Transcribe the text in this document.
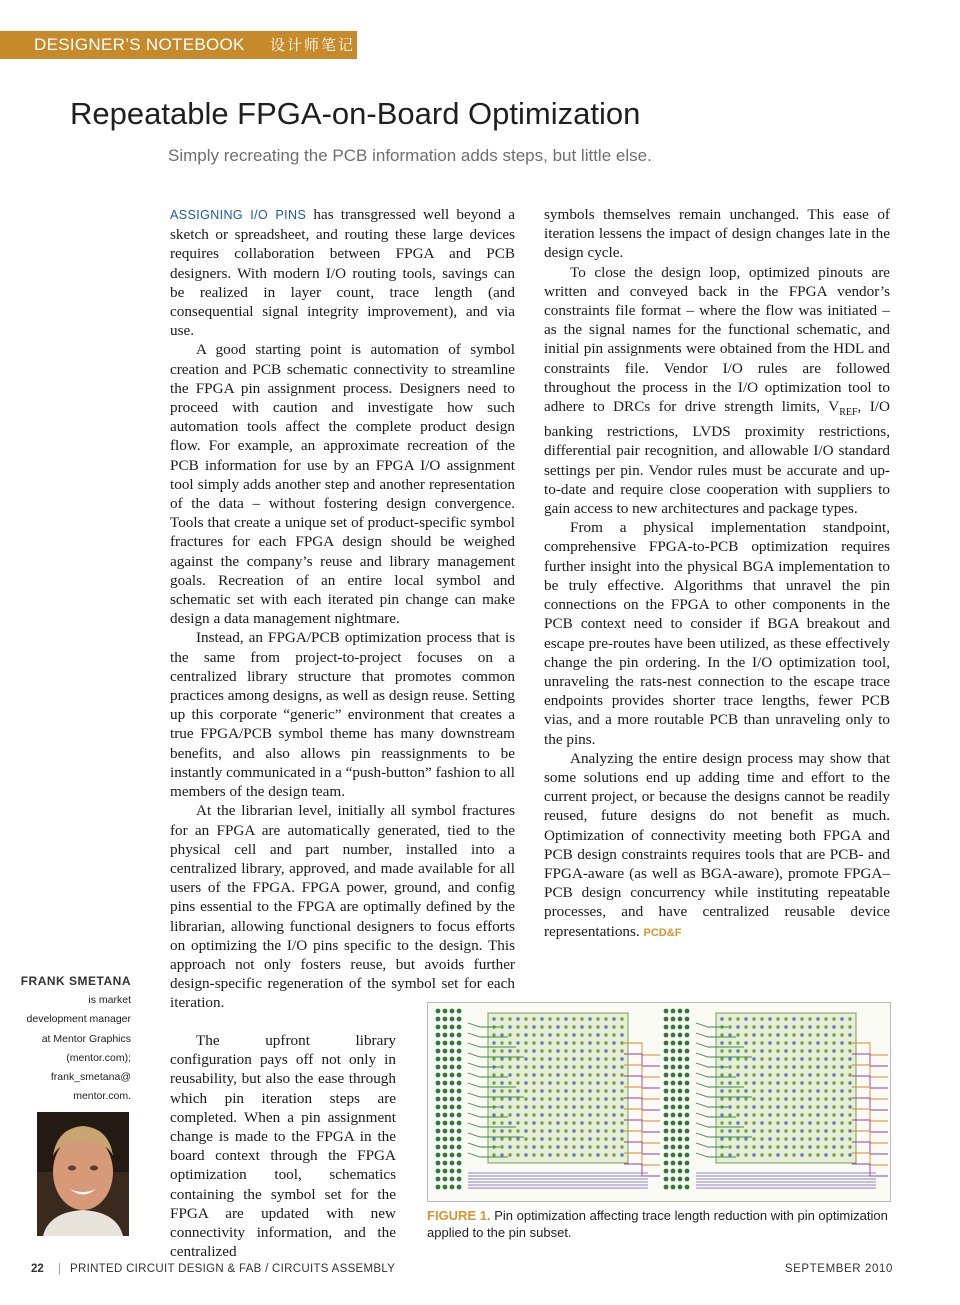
DESIGNER’S NOTEBOOK 设计师笔记
Repeatable FPGA-on-Board Optimization
Simply recreating the PCB information adds steps, but little else.

ASSIGNING I/O PINS has transgressed well beyond a sketch or spreadsheet, and routing these large devices requires collaboration between FPGA and PCB designers. With modern I/O routing tools, savings can be realized in layer count, trace length (and consequential signal integrity improvement), and via use.

A good starting point is automation of symbol creation and PCB schematic connectivity to streamline the FPGA pin assignment process. Designers need to proceed with caution and investigate how such automation tools affect the complete product design flow. For example, an approximate recreation of the PCB information for use by an FPGA I/O assignment tool simply adds another step and another representation of the data – without fostering design convergence. Tools that create a unique set of product-specific symbol fractures for each FPGA design should be weighed against the company’s reuse and library management goals. Recreation of an entire local symbol and schematic set with each iterated pin change can make design a data management nightmare.

Instead, an FPGA/PCB optimization process that is the same from project-to-project focuses on a centralized library structure that promotes common practices among designs, as well as design reuse. Setting up this corporate “generic” environment that creates a true FPGA/PCB symbol theme has many downstream benefits, and also allows pin reassignments to be instantly communicated in a “push-button” fashion to all members of the design team.

At the librarian level, initially all symbol fractures for an FPGA are automatically generated, tied to the physical cell and part number, installed into a centralized library, approved, and made available for all users of the FPGA. FPGA power, ground, and config pins essential to the FPGA are optimally defined by the librarian, allowing functional designers to focus efforts on optimizing the I/O pins specific to the design. This approach not only fosters reuse, but avoids further design-specific regeneration of the symbol set for each iteration.

The upfront library configuration pays off not only in reusability, but also the ease through which pin iteration steps are completed. When a pin assignment change is made to the FPGA in the board context through the FPGA optimization tool, schematics containing the symbol set for the FPGA are updated with new connectivity information, and the centralized

symbols themselves remain unchanged. This ease of iteration lessens the impact of design changes late in the design cycle.

To close the design loop, optimized pinouts are written and conveyed back in the FPGA vendor’s constraints file format – where the flow was initiated – as the signal names for the functional schematic, and initial pin assignments were obtained from the HDL and constraints file. Vendor I/O rules are followed throughout the process in the I/O optimization tool to adhere to DRCs for drive strength limits, $V_{REF}$, I/O banking restrictions, LVDS proximity restrictions, differential pair recognition, and allowable I/O standard settings per pin. Vendor rules must be accurate and up-to-date and require close cooperation with suppliers to gain access to new architectures and package types.

From a physical implementation standpoint, comprehensive FPGA-to-PCB optimization requires further insight into the physical BGA implementation to be truly effective. Algorithms that unravel the pin connections on the FPGA to other components in the PCB context need to consider if BGA breakout and escape pre-routes have been utilized, as these effectively change the pin ordering. In the I/O optimization tool, unraveling the rats-nest connection to the escape trace endpoints provides shorter trace lengths, fewer PCB vias, and a more routable PCB than unraveling only to the pins.

Analyzing the entire design process may show that some solutions end up adding time and effort to the current project, or because the designs cannot be readily reused, future designs do not benefit as much. Optimization of connectivity meeting both FPGA and PCB design constraints requires tools that are PCB- and FPGA-aware (as well as BGA-aware), promote FPGA–PCB design concurrency while instituting repeatable processes, and have centralized reusable device representations. PCD&F

FRANK SMETANA
is market
development manager
at Mentor Graphics
(mentor.com);
frank_smetana@
mentor.com.
FIGURE 1. Pin optimization affecting trace length reduction with pin optimization applied to the pin subset.
22 | PRINTED CIRCUIT DESIGN & FAB / CIRCUITS ASSEMBLY	SEPTEMBER 2010
